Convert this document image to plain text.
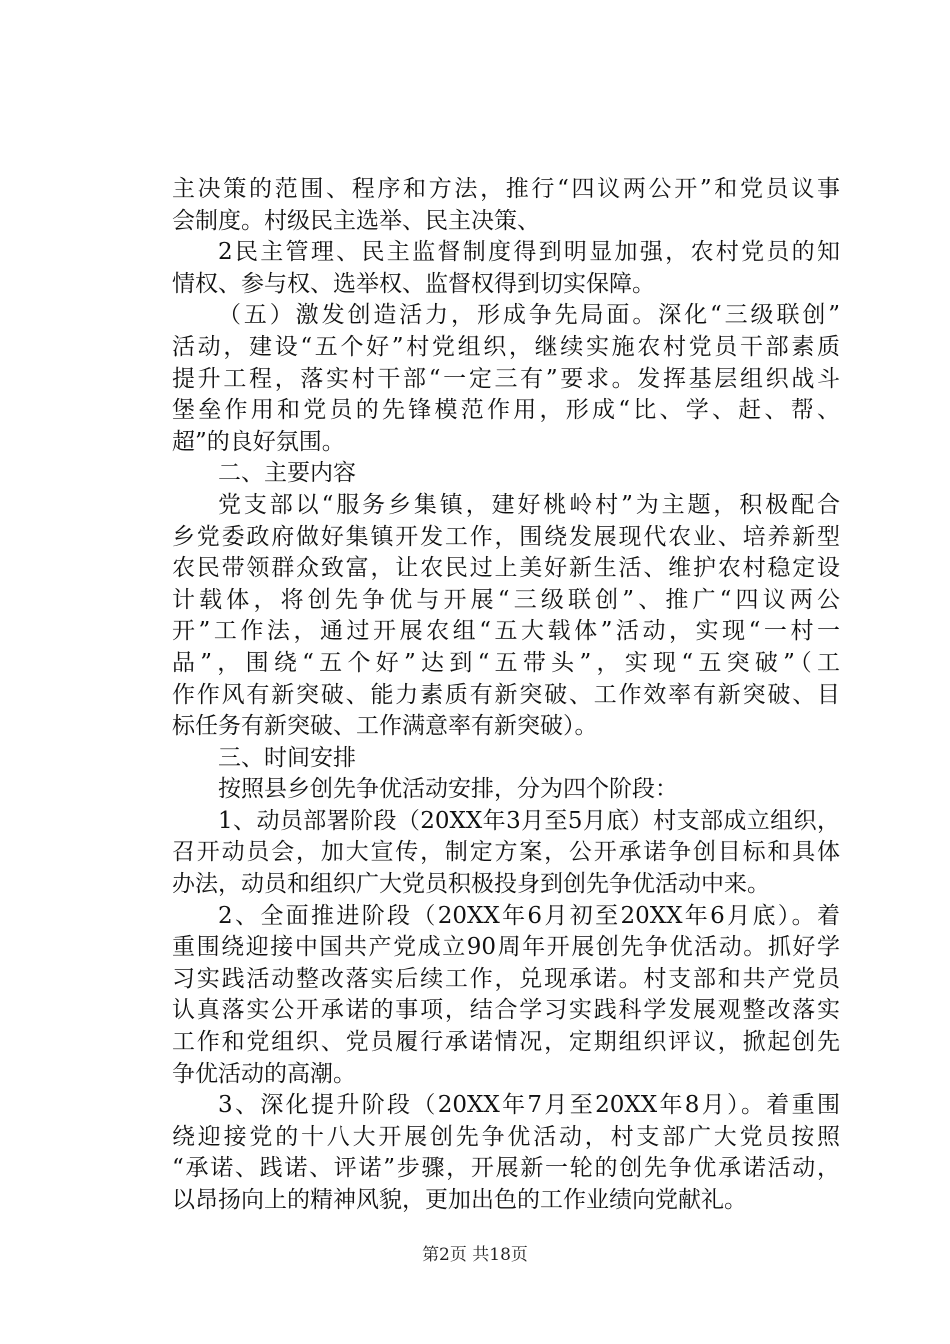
主决策的范围、程序和方法，推行“四议两公开”和党员议事
会制度。村级民主选举、民主决策、
2民主管理、民主监督制度得到明显加强，农村党员的知
情权、参与权、选举权、监督权得到切实保障。
（五）激发创造活力，形成争先局面。深化“三级联创”
活动，建设“五个好”村党组织，继续实施农村党员干部素质
提升工程，落实村干部“一定三有”要求。发挥基层组织战斗
堡垒作用和党员的先锋模范作用，形成“比、学、赶、帮、
超”的良好氛围。
二、主要内容
党支部以“服务乡集镇，建好桃岭村”为主题，积极配合
乡党委政府做好集镇开发工作，围绕发展现代农业、培养新型
农民带领群众致富，让农民过上美好新生活、维护农村稳定设
计载体，将创先争优与开展“三级联创”、推广“四议两公
开”工作法，通过开展农组“五大载体”活动，实现“一村一
品”，围绕“五个好”达到“五带头”，实现“五突破”（工
作作风有新突破、能力素质有新突破、工作效率有新突破、目
标任务有新突破、工作满意率有新突破）。
三、时间安排
按照县乡创先争优活动安排，分为四个阶段：
1、动员部署阶段（20XX年3月至5月底）村支部成立组织，
召开动员会，加大宣传，制定方案，公开承诺争创目标和具体
办法，动员和组织广大党员积极投身到创先争优活动中来。
2、全面推进阶段（20XX年6月初至20XX年6月底）。着
重围绕迎接中国共产党成立90周年开展创先争优活动。抓好学
习实践活动整改落实后续工作，兑现承诺。村支部和共产党员
认真落实公开承诺的事项，结合学习实践科学发展观整改落实
工作和党组织、党员履行承诺情况，定期组织评议，掀起创先
争优活动的高潮。
3、深化提升阶段（20XX年7月至20XX年8月）。着重围
绕迎接党的十八大开展创先争优活动，村支部广大党员按照
“承诺、践诺、评诺”步骤，开展新一轮的创先争优承诺活动，
以昂扬向上的精神风貌，更加出色的工作业绩向党献礼。
第2页 共18页
